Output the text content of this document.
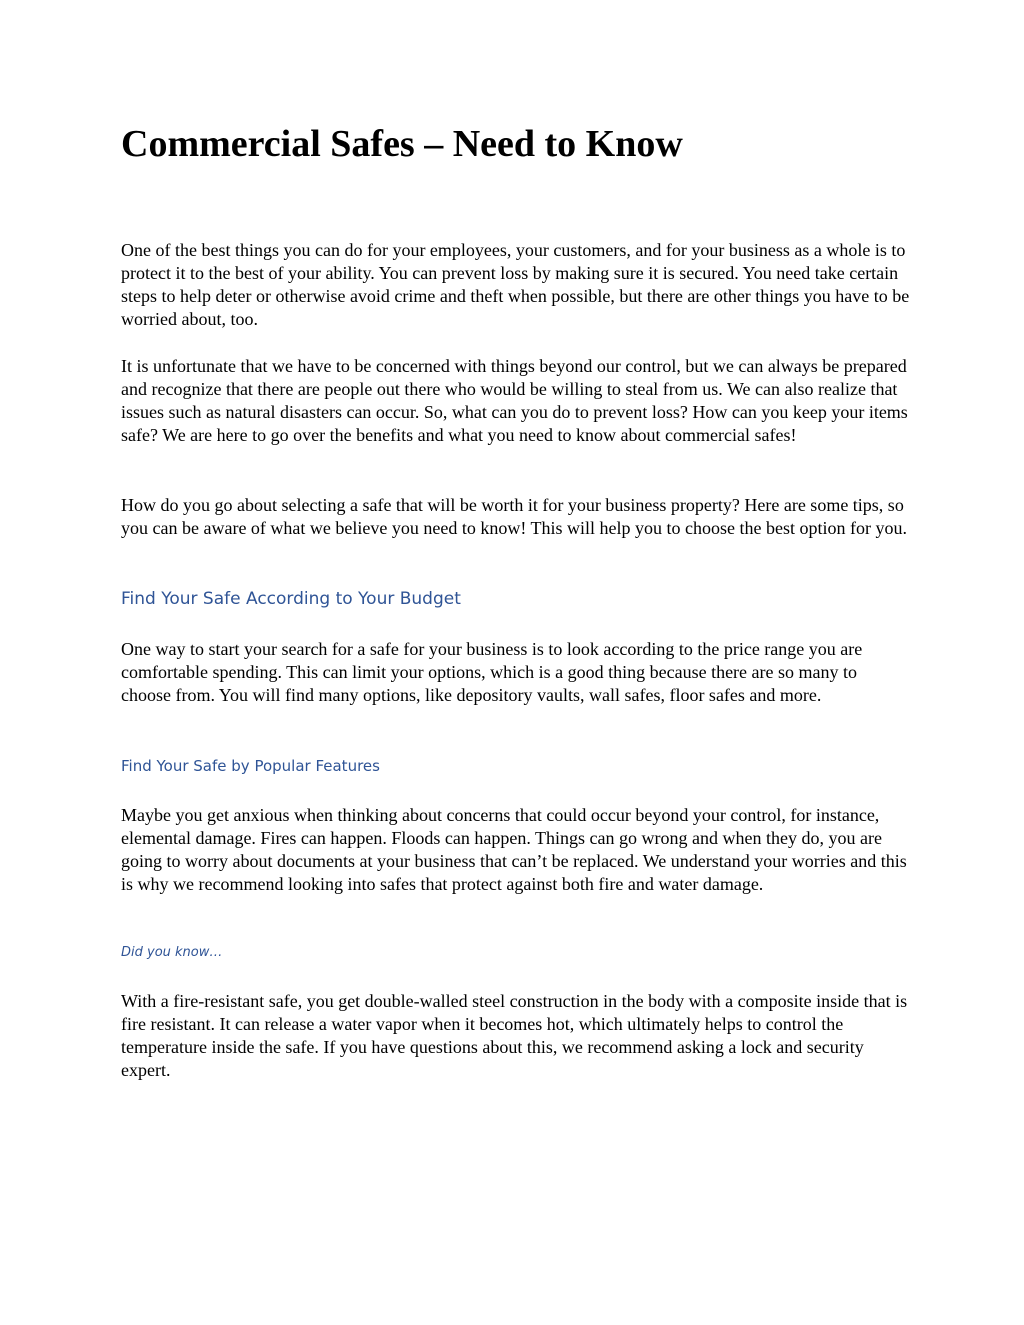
Commercial Safes – Need to Know

One of the best things you can do for your employees, your customers, and for your business as a whole is to protect it to the best of your ability. You can prevent loss by making sure it is secured. You need take certain steps to help deter or otherwise avoid crime and theft when possible, but there are other things you have to be worried about, too.

It is unfortunate that we have to be concerned with things beyond our control, but we can always be prepared and recognize that there are people out there who would be willing to steal from us. We can also realize that issues such as natural disasters can occur. So, what can you do to prevent loss? How can you keep your items safe? We are here to go over the benefits and what you need to know about commercial safes!

How do you go about selecting a safe that will be worth it for your business property? Here are some tips, so you can be aware of what we believe you need to know! This will help you to choose the best option for you.

Find Your Safe According to Your Budget

One way to start your search for a safe for your business is to look according to the price range you are comfortable spending. This can limit your options, which is a good thing because there are so many to choose from. You will find many options, like depository vaults, wall safes, floor safes and more.

Find Your Safe by Popular Features

Maybe you get anxious when thinking about concerns that could occur beyond your control, for instance, elemental damage. Fires can happen. Floods can happen. Things can go wrong and when they do, you are going to worry about documents at your business that can’t be replaced. We understand your worries and this is why we recommend looking into safes that protect against both fire and water damage.

Did you know…

With a fire-resistant safe, you get double-walled steel construction in the body with a composite inside that is fire resistant. It can release a water vapor when it becomes hot, which ultimately helps to control the temperature inside the safe. If you have questions about this, we recommend asking a lock and security expert.
